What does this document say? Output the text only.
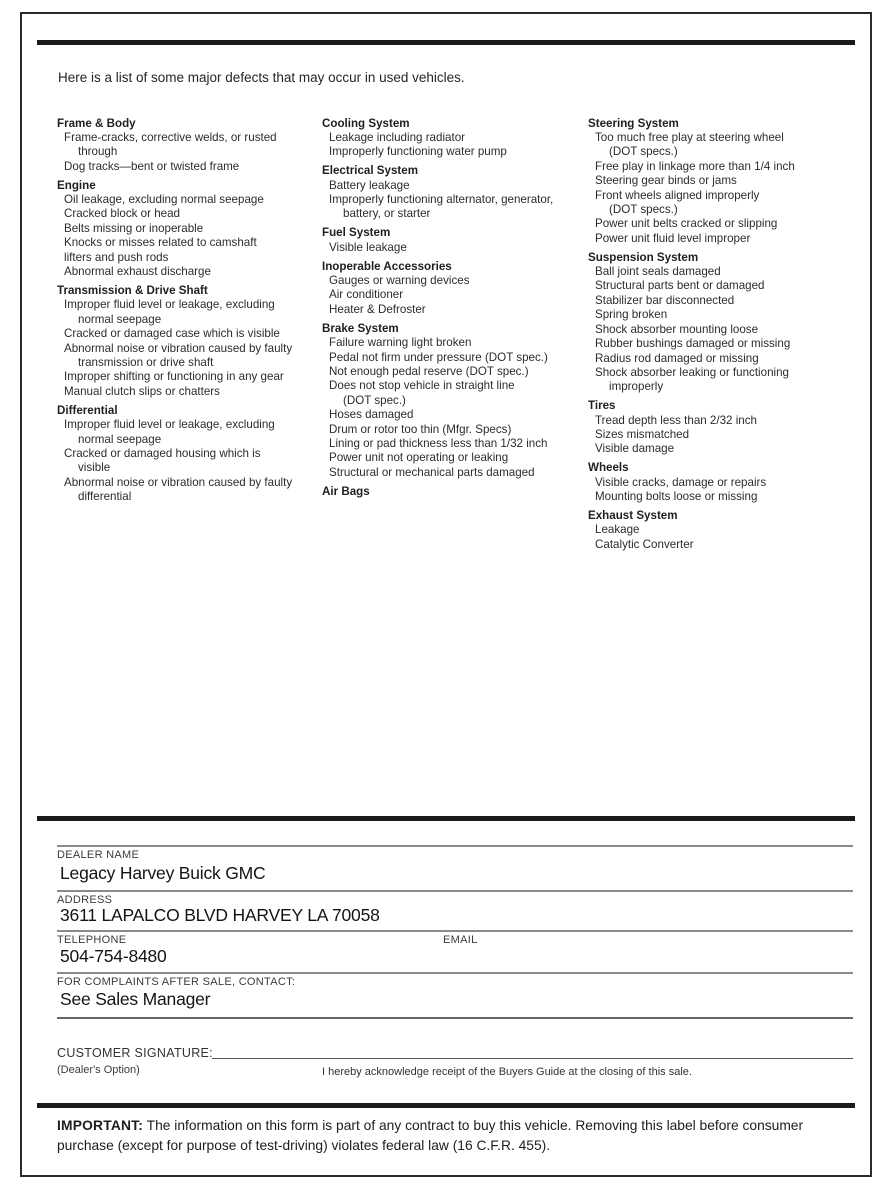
Here is a list of some major defects that may occur in used vehicles.
Frame & Body
Frame-cracks, corrective welds, or rusted
through
Dog tracks—bent or twisted frame
Engine
Oil leakage, excluding normal seepage
Cracked block or head
Belts missing or inoperable
Knocks or misses related to camshaft
lifters and push rods
Abnormal exhaust discharge
Transmission & Drive Shaft
Improper fluid level or leakage, excluding
normal seepage
Cracked or damaged case which is visible
Abnormal noise or vibration caused by faulty
transmission or drive shaft
Improper shifting or functioning in any gear
Manual clutch slips or chatters
Differential
Improper fluid level or leakage, excluding
normal seepage
Cracked or damaged housing which is
visible
Abnormal noise or vibration caused by faulty
differential
Cooling System
Leakage including radiator
Improperly functioning water pump
Electrical System
Battery leakage
Improperly functioning alternator, generator,
battery, or starter
Fuel System
Visible leakage
Inoperable Accessories
Gauges or warning devices
Air conditioner
Heater & Defroster
Brake System
Failure warning light broken
Pedal not firm under pressure (DOT spec.)
Not enough pedal reserve (DOT spec.)
Does not stop vehicle in straight line
(DOT spec.)
Hoses damaged
Drum or rotor too thin (Mfgr. Specs)
Lining or pad thickness less than 1/32 inch
Power unit not operating or leaking
Structural or mechanical parts damaged
Air Bags
Steering System
Too much free play at steering wheel
(DOT specs.)
Free play in linkage more than 1/4 inch
Steering gear binds or jams
Front wheels aligned improperly
(DOT specs.)
Power unit belts cracked or slipping
Power unit fluid level improper
Suspension System
Ball joint seals damaged
Structural parts bent or damaged
Stabilizer bar disconnected
Spring broken
Shock absorber mounting loose
Rubber bushings damaged or missing
Radius rod damaged or missing
Shock absorber leaking or functioning
improperly
Tires
Tread depth less than 2/32 inch
Sizes mismatched
Visible damage
Wheels
Visible cracks, damage or repairs
Mounting bolts loose or missing
Exhaust System
Leakage
Catalytic Converter
DEALER NAME
Legacy Harvey Buick GMC
ADDRESS
3611 LAPALCO BLVD HARVEY LA 70058
TELEPHONE	EMAIL
504-754-8480
FOR COMPLAINTS AFTER SALE, CONTACT:
See Sales Manager
CUSTOMER SIGNATURE:
(Dealer's Option)	I hereby acknowledge receipt of the Buyers Guide at the closing of this sale.
IMPORTANT: The information on this form is part of any contract to buy this vehicle. Removing this label before consumer purchase (except for purpose of test-driving) violates federal law (16 C.F.R. 455).
